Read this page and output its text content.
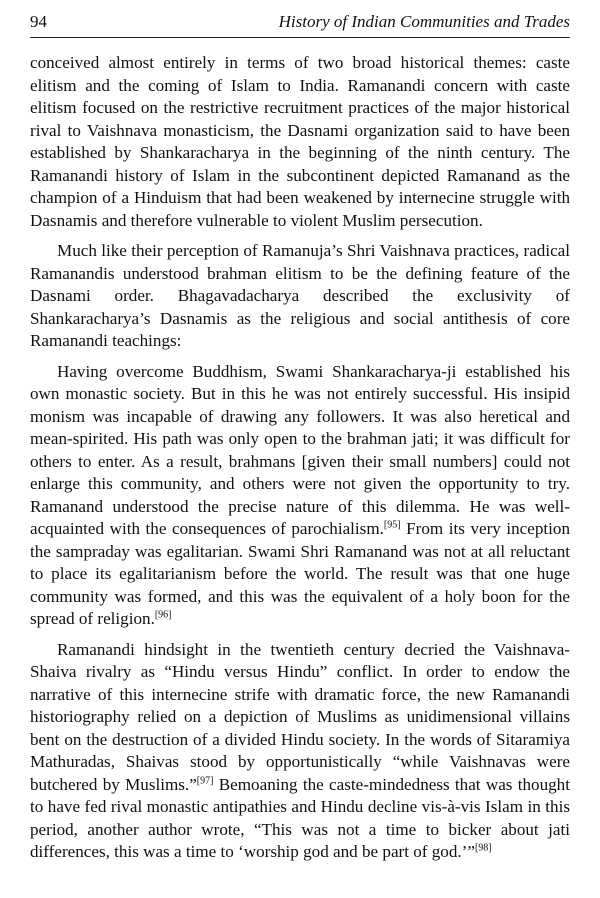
94	History of Indian Communities and Trades

conceived almost entirely in terms of two broad historical themes: caste elitism and the coming of Islam to India. Ramanandi concern with caste elitism focused on the restrictive recruitment practices of the major historical rival to Vaishnava monasticism, the Dasnami organization said to have been established by Shankaracharya in the beginning of the ninth century. The Ramanandi history of Islam in the subcontinent depicted Ramanand as the champion of a Hinduism that had been weakened by internecine struggle with Dasnamis and therefore vulnerable to violent Muslim persecution.

Much like their perception of Ramanuja’s Shri Vaishnava practices, radical Ramanandis understood brahman elitism to be the defining feature of the Dasnami order. Bhagavadacharya described the exclusivity of Shankaracharya’s Dasnamis as the religious and social antithesis of core Ramanandi teachings:

Having overcome Buddhism, Swami Shankaracharya-ji established his own monastic society. But in this he was not entirely successful. His insipid monism was incapable of drawing any followers. It was also heretical and mean-spirited. His path was only open to the brahman jati; it was difficult for others to enter. As a result, brahmans [given their small numbers] could not enlarge this community, and others were not given the opportunity to try. Ramanand understood the precise nature of this dilemma. He was well-acquainted with the consequences of parochialism.[95] From its very inception the sampraday was egalitarian. Swami Shri Ramanand was not at all reluctant to place its egalitarianism before the world. The result was that one huge community was formed, and this was the equivalent of a holy boon for the spread of religion.[96]

Ramanandi hindsight in the twentieth century decried the Vaishnava-Shaiva rivalry as “Hindu versus Hindu” conflict. In order to endow the narrative of this internecine strife with dramatic force, the new Ramanandi historiography relied on a depiction of Muslims as unidimensional villains bent on the destruction of a divided Hindu society. In the words of Sitaramiya Mathuradas, Shaivas stood by opportunistically “while Vaishnavas were butchered by Muslims.”[97] Bemoaning the caste-mindedness that was thought to have fed rival monastic antipathies and Hindu decline vis-à-vis Islam in this period, another author wrote, “This was not a time to bicker about jati differences, this was a time to ‘worship god and be part of god.’”[98]
